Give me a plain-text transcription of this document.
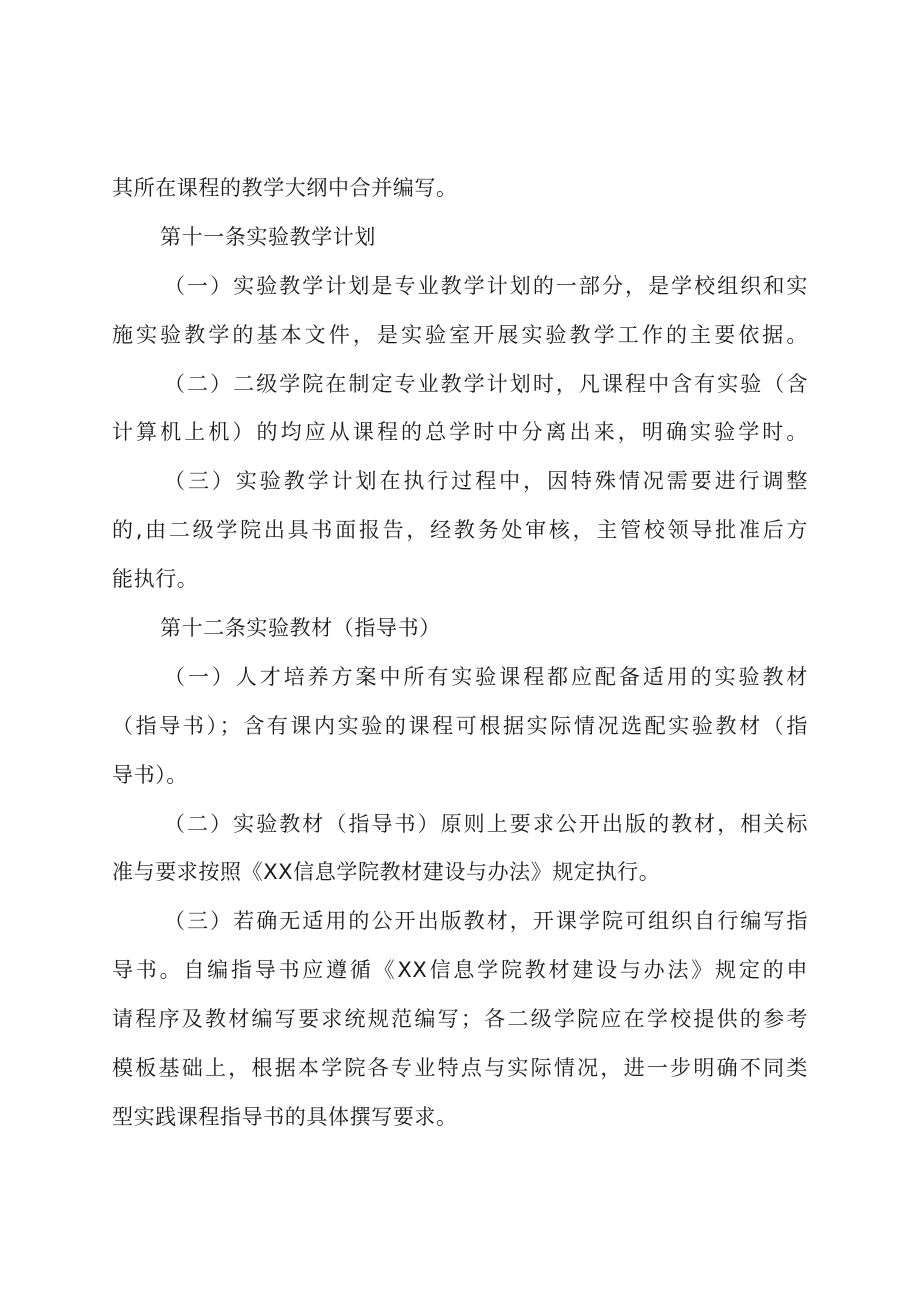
其所在课程的教学大纲中合并编写。
第十一条实验教学计划
（一）实验教学计划是专业教学计划的一部分，是学校组织和实
施实验教学的基本文件，是实验室开展实验教学工作的主要依据。
（二）二级学院在制定专业教学计划时，凡课程中含有实验（含
计算机上机）的均应从课程的总学时中分离出来，明确实验学时。
（三）实验教学计划在执行过程中，因特殊情况需要进行调整
的,由二级学院出具书面报告，经教务处审核，主管校领导批准后方
能执行。
第十二条实验教材（指导书）
（一）人才培养方案中所有实验课程都应配备适用的实验教材
（指导书）；含有课内实验的课程可根据实际情况选配实验教材（指
导书）。
（二）实验教材（指导书）原则上要求公开出版的教材，相关标
准与要求按照《XX信息学院教材建设与办法》规定执行。
（三）若确无适用的公开出版教材，开课学院可组织自行编写指
导书。自编指导书应遵循《XX信息学院教材建设与办法》规定的申
请程序及教材编写要求统规范编写；各二级学院应在学校提供的参考
模板基础上，根据本学院各专业特点与实际情况，进一步明确不同类
型实践课程指导书的具体撰写要求。
